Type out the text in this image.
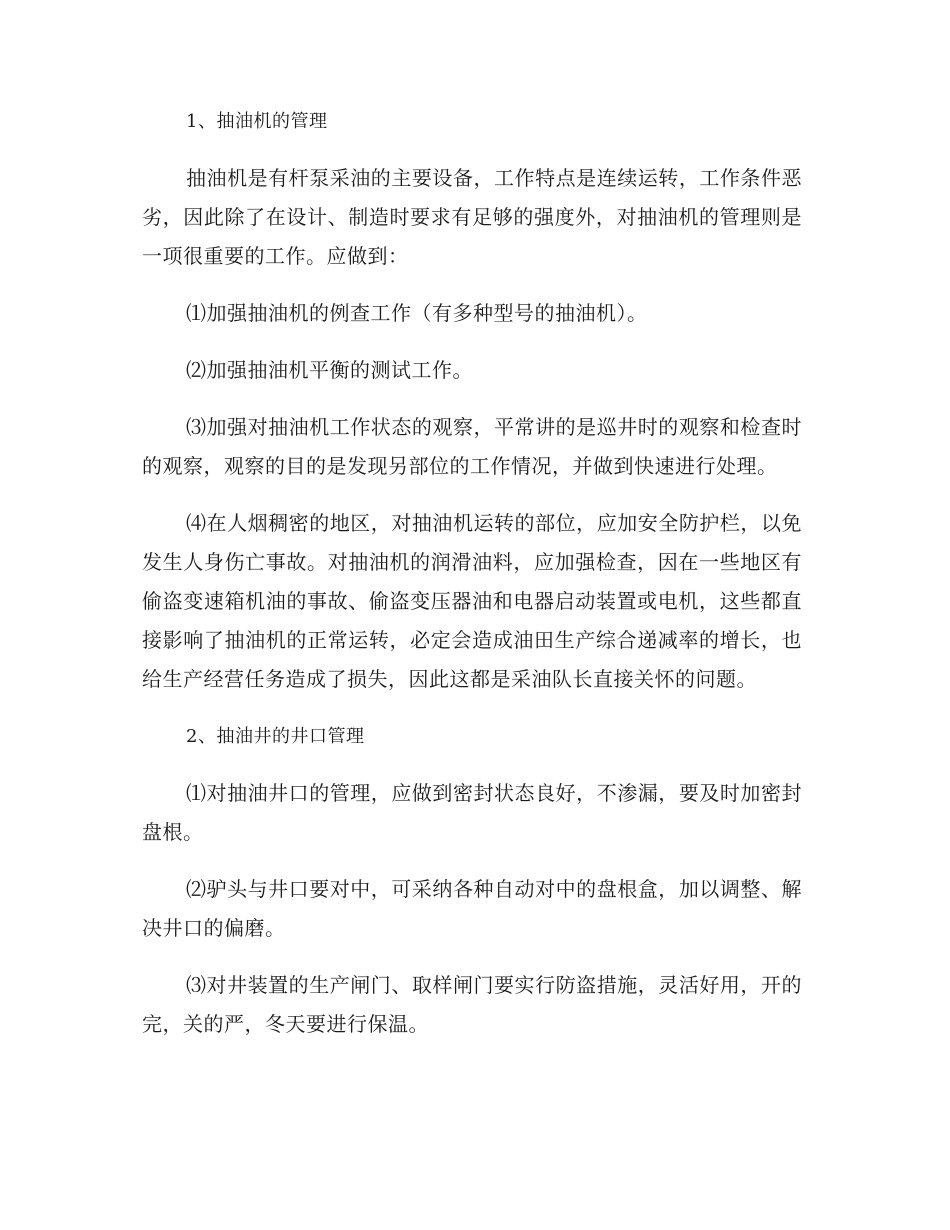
1、抽油机的管理

抽油机是有杆泵采油的主要设备，工作特点是连续运转，工作条件恶劣，因此除了在设计、制造时要求有足够的强度外，对抽油机的管理则是一项很重要的工作。应做到：

⑴加强抽油机的例查工作（有多种型号的抽油机）。

⑵加强抽油机平衡的测试工作。

⑶加强对抽油机工作状态的观察，平常讲的是巡井时的观察和检查时的观察，观察的目的是发现另部位的工作情况，并做到快速进行处理。

⑷在人烟稠密的地区，对抽油机运转的部位，应加安全防护栏，以免发生人身伤亡事故。对抽油机的润滑油料，应加强检查，因在一些地区有偷盗变速箱机油的事故、偷盗变压器油和电器启动装置或电机，这些都直接影响了抽油机的正常运转，必定会造成油田生产综合递减率的增长，也给生产经营任务造成了损失，因此这都是采油队长直接关怀的问题。

2、抽油井的井口管理

⑴对抽油井口的管理，应做到密封状态良好，不渗漏，要及时加密封盘根。

⑵驴头与井口要对中，可采纳各种自动对中的盘根盒，加以调整、解决井口的偏磨。

⑶对井装置的生产闸门、取样闸门要实行防盗措施，灵活好用，开的完，关的严，冬天要进行保温。
